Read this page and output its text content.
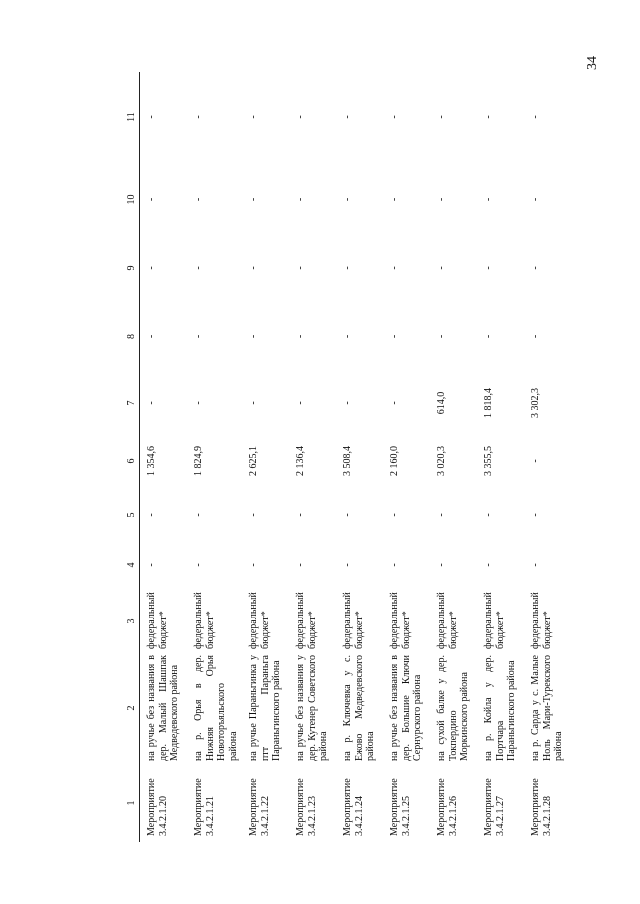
34
1	2	3	4	5	6	7	8	9	10	11
Мероприятие 3.4.2.1.20	на ручье без названия в дер. Малый Шашпак Медведевского района	федеральный бюджет*	-	-	1 354,6	-	-	-	-	-
Мероприятие 3.4.2.1.21	на р. Орья в дер. Нижняя Орья Новоторъяльского района	федеральный бюджет*	-	-	1 824,9	-	-	-	-	-
Мероприятие 3.4.2.1.22	на ручье Параньгинка у птт Параньга Параньгинского района	федеральный бюджет*	-	-	2 625,1	-	-	-	-	-
Мероприятие 3.4.2.1.23	на ручье без названия у дер. Кутенер Советского района	федеральный бюджет*	-	-	2 136,4	-	-	-	-	-
Мероприятие 3.4.2.1.24	на р. Ключевка у с. Ежово Медведевского района	федеральный бюджет*	-	-	3 508,4	-	-	-	-	-
Мероприятие 3.4.2.1.25	на ручье без названия в дер. Большие Ключи Сернурского района	федеральный бюджет*	-	-	2 160,0	-	-	-	-	-
Мероприятие 3.4.2.1.26	на сухой балке у дер. Токпердино Моркинского района	федеральный бюджет*	-	-	3 020,3	614,0	-	-	-	-
Мероприятие 3.4.2.1.27	на р. Койла у дер. Портчара Параньгинского района	федеральный бюджет*	-	-	3 355,5	1 818,4	-	-	-	-
Мероприятие 3.4.2.1.28	на р. Сарда у с. Малые Ноль Мари-Турекского района	федеральный бюджет*	-	-	-	3 302,3	-	-	-	-
